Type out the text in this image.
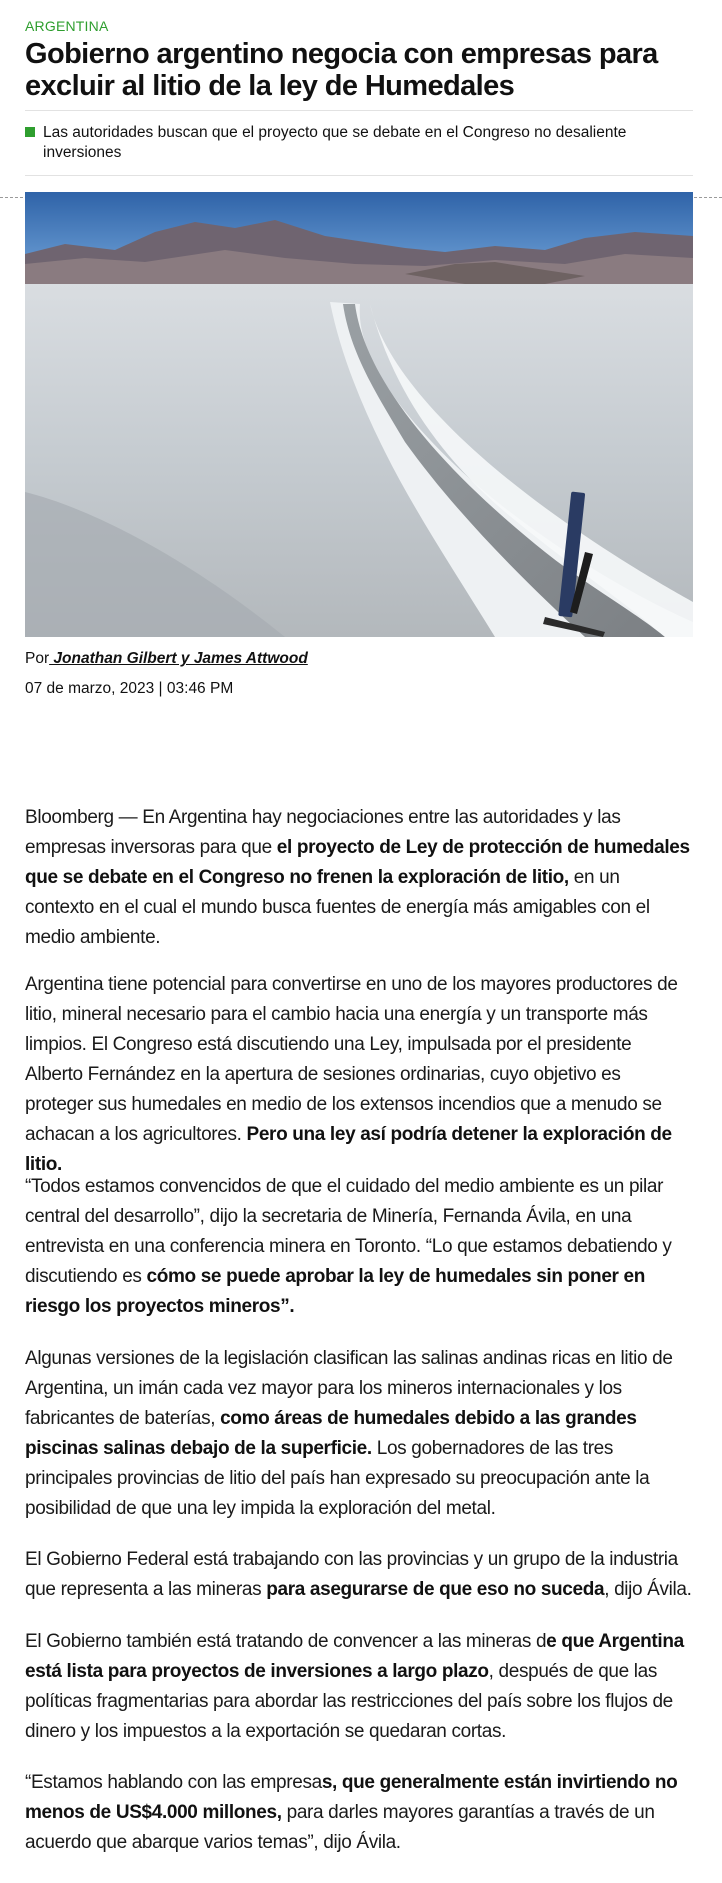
ARGENTINA
Gobierno argentino negocia con empresas para excluir al litio de la ley de Humedales

Las autoridades buscan que el proyecto que se debate en el Congreso no desaliente inversiones

Por Jonathan Gilbert y James Attwood
07 de marzo, 2023 | 03:46 PM

Bloomberg — En Argentina hay negociaciones entre las autoridades y las empresas inversoras para que el proyecto de Ley de protección de humedales que se debate en el Congreso no frenen la exploración de litio, en un contexto en el cual el mundo busca fuentes de energía más amigables con el medio ambiente.

Argentina tiene potencial para convertirse en uno de los mayores productores de litio, mineral necesario para el cambio hacia una energía y un transporte más limpios. El Congreso está discutiendo una Ley, impulsada por el presidente Alberto Fernández en la apertura de sesiones ordinarias, cuyo objetivo es proteger sus humedales en medio de los extensos incendios que a menudo se achacan a los agricultores. Pero una ley así podría detener la exploración de litio.

“Todos estamos convencidos de que el cuidado del medio ambiente es un pilar central del desarrollo”, dijo la secretaria de Minería, Fernanda Ávila, en una entrevista en una conferencia minera en Toronto. “Lo que estamos debatiendo y discutiendo es cómo se puede aprobar la ley de humedales sin poner en riesgo los proyectos mineros”.

Algunas versiones de la legislación clasifican las salinas andinas ricas en litio de Argentina, un imán cada vez mayor para los mineros internacionales y los fabricantes de baterías, como áreas de humedales debido a las grandes piscinas salinas debajo de la superficie. Los gobernadores de las tres principales provincias de litio del país han expresado su preocupación ante la posibilidad de que una ley impida la exploración del metal.

El Gobierno Federal está trabajando con las provincias y un grupo de la industria que representa a las mineras para asegurarse de que eso no suceda, dijo Ávila.

El Gobierno también está tratando de convencer a las mineras de que Argentina está lista para proyectos de inversiones a largo plazo, después de que las políticas fragmentarias para abordar las restricciones del país sobre los flujos de dinero y los impuestos a la exportación se quedaran cortas.

“Estamos hablando con las empresas, que generalmente están invirtiendo no menos de US$4.000 millones, para darles mayores garantías a través de un acuerdo que abarque varios temas”, dijo Ávila.
